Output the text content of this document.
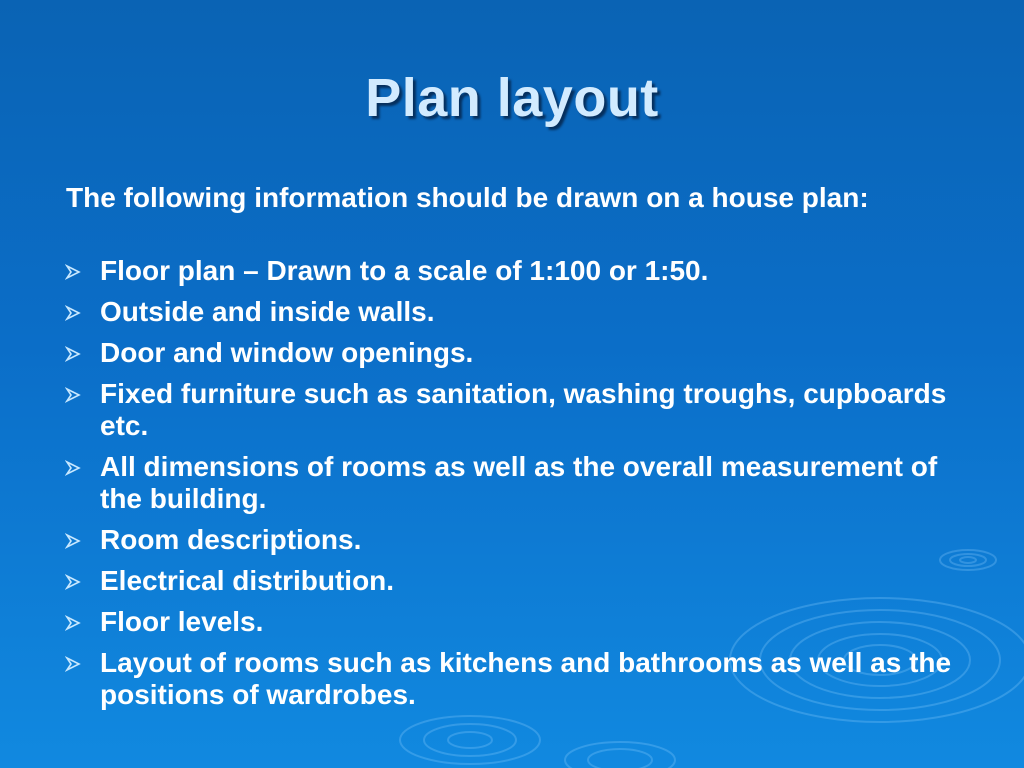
Plan layout

The following information should be drawn on a house plan:

Floor plan – Drawn to a scale of 1:100 or 1:50.
Outside and inside walls.
Door and window openings.
Fixed furniture such as sanitation, washing troughs, cupboards etc.
All dimensions of rooms as well as the overall measurement of the building.
Room descriptions.
Electrical distribution.
Floor levels.
Layout of rooms such as kitchens and bathrooms as well as the positions of wardrobes.
